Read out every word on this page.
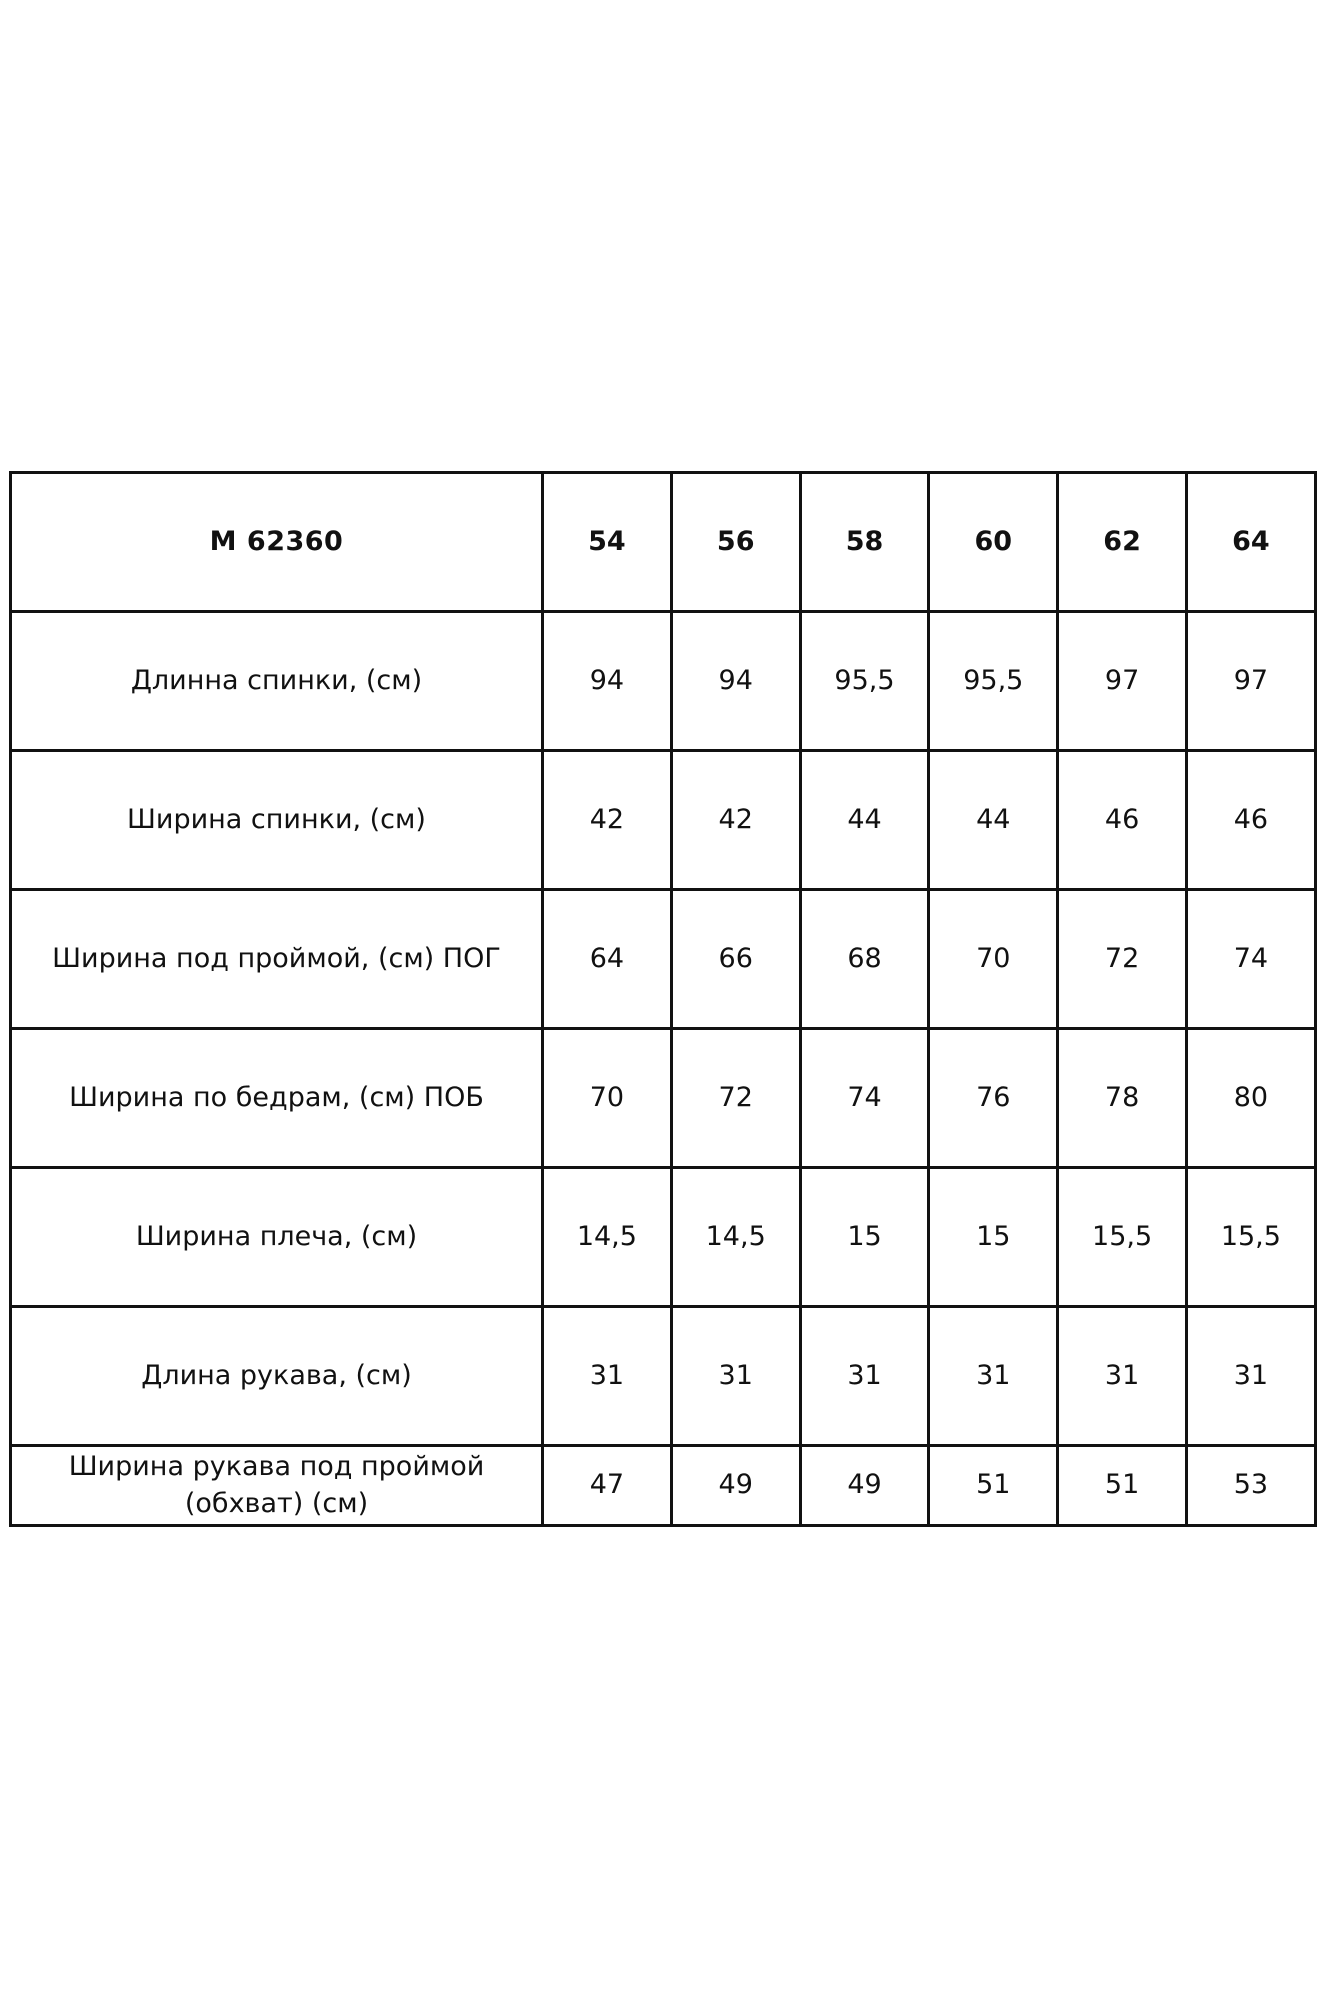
М 62360	54	56	58	60	62	64
Длинна спинки, (см)	94	94	95,5	95,5	97	97
Ширина спинки, (см)	42	42	44	44	46	46
Ширина под проймой, (см) ПОГ	64	66	68	70	72	74
Ширина по бедрам, (см) ПОБ	70	72	74	76	78	80
Ширина плеча, (см)	14,5	14,5	15	15	15,5	15,5
Длина рукава, (см)	31	31	31	31	31	31
Ширина рукава под проймой (обхват) (см)	47	49	49	51	51	53
